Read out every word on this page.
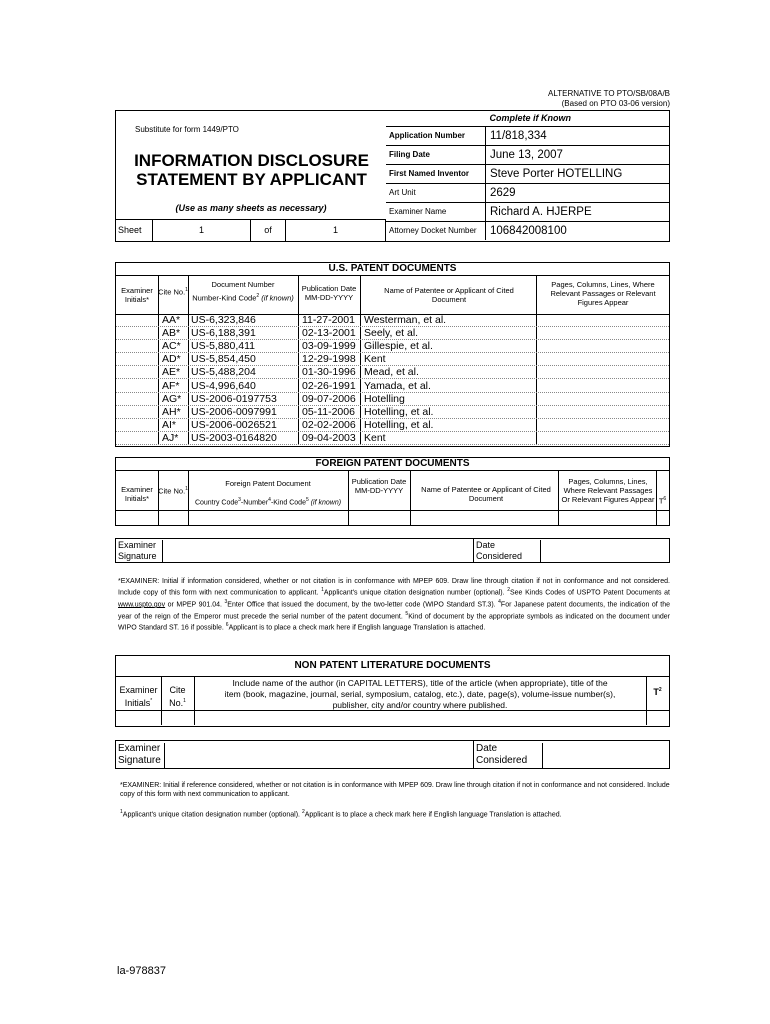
ALTERNATIVE TO PTO/SB/08A/B
(Based on PTO 03-06 version)
Substitute for form 1449/PTO
INFORMATION DISCLOSURE
STATEMENT BY APPLICANT
(Use as many sheets as necessary)
Sheet	1	of	1
Complete if Known
Application Number	11/818,334
Filing Date	June 13, 2007
First Named Inventor	Steve Porter HOTELLING
Art Unit	2629
Examiner Name	Richard A. HJERPE
Attorney Docket Number	106842008100
U.S. PATENT DOCUMENTS
Examiner Initials*
Cite No.$^1$
Document Number
Number-Kind Code$^2$ (if known)
Publication Date MM-DD-YYYY
Name of Patentee or Applicant of Cited Document
Pages, Columns, Lines, Where Relevant Passages or Relevant Figures Appear
AA*	US-6,323,846	11-27-2001 Westerman, et al.
AB*	US-6,188,391	02-13-2001 Seely, et al.
AC* US-5,880,411	03-09-1999 Gillespie, et al.
AD* US-5,854,450	12-29-1998 Kent
AE*	US-5,488,204	01-30-1996 Mead, et al.
AF*	US-4,996,640	02-26-1991 Yamada, et al.
AG* US-2006-0197753	09-07-2006 Hotelling
AH* US-2006-0097991	05-11-2006 Hotelling, et al.
AI*	US-2006-0026521	02-02-2006 Hotelling, et al.
AJ*	US-2003-0164820	09-04-2003 Kent
FOREIGN PATENT DOCUMENTS
Examiner Initials*
Cite No.$^1$
Foreign Patent Document
Country Code$^3$-Number$^4$-Kind Code$^5$ (if known)
Publication Date MM-DD-YYYY	Name of Patentee or Applicant of Cited Document
Pages, Columns, Lines, Where Relevant Passages Or Relevant Figures Appear $T^6$
Examiner Signature
Date Considered
*EXAMINER: Initial if information considered, whether or not citation is in conformance with MPEP 609. Draw line through citation if not in conformance and not considered. Include copy of this form with next communication to applicant. $^1$Applicant's unique citation designation number (optional). $^2$See Kinds Codes of USPTO Patent Documents at www.uspto.gov or MPEP 901.04. $^3$Enter Office that issued the document, by the two-letter code (WIPO Standard ST.3). $^4$For Japanese patent documents, the indication of the year of the reign of the Emperor must precede the serial number of the patent document. $^5$Kind of document by the appropriate symbols as indicated on the document under WIPO Standard ST. 16 if possible. $^6$Applicant is to place a check mark here if English language Translation is attached.
NON PATENT LITERATURE DOCUMENTS
Examiner Initials*
Cite No.$^1$
Include name of the author (in CAPITAL LETTERS), title of the article (when appropriate), title of the item (book, magazine, journal, serial, symposium, catalog, etc.), date, page(s), volume-issue number(s), publisher, city and/or country where published.
$T^2$
Examiner Signature
Date Considered
*EXAMINER: Initial if reference considered, whether or not citation is in conformance with MPEP 609. Draw line through citation if not in conformance and not considered. Include copy of this form with next communication to applicant.
$^1$Applicant's unique citation designation number (optional). $^2$Applicant is to place a check mark here if English language Translation is attached.
la-978837
